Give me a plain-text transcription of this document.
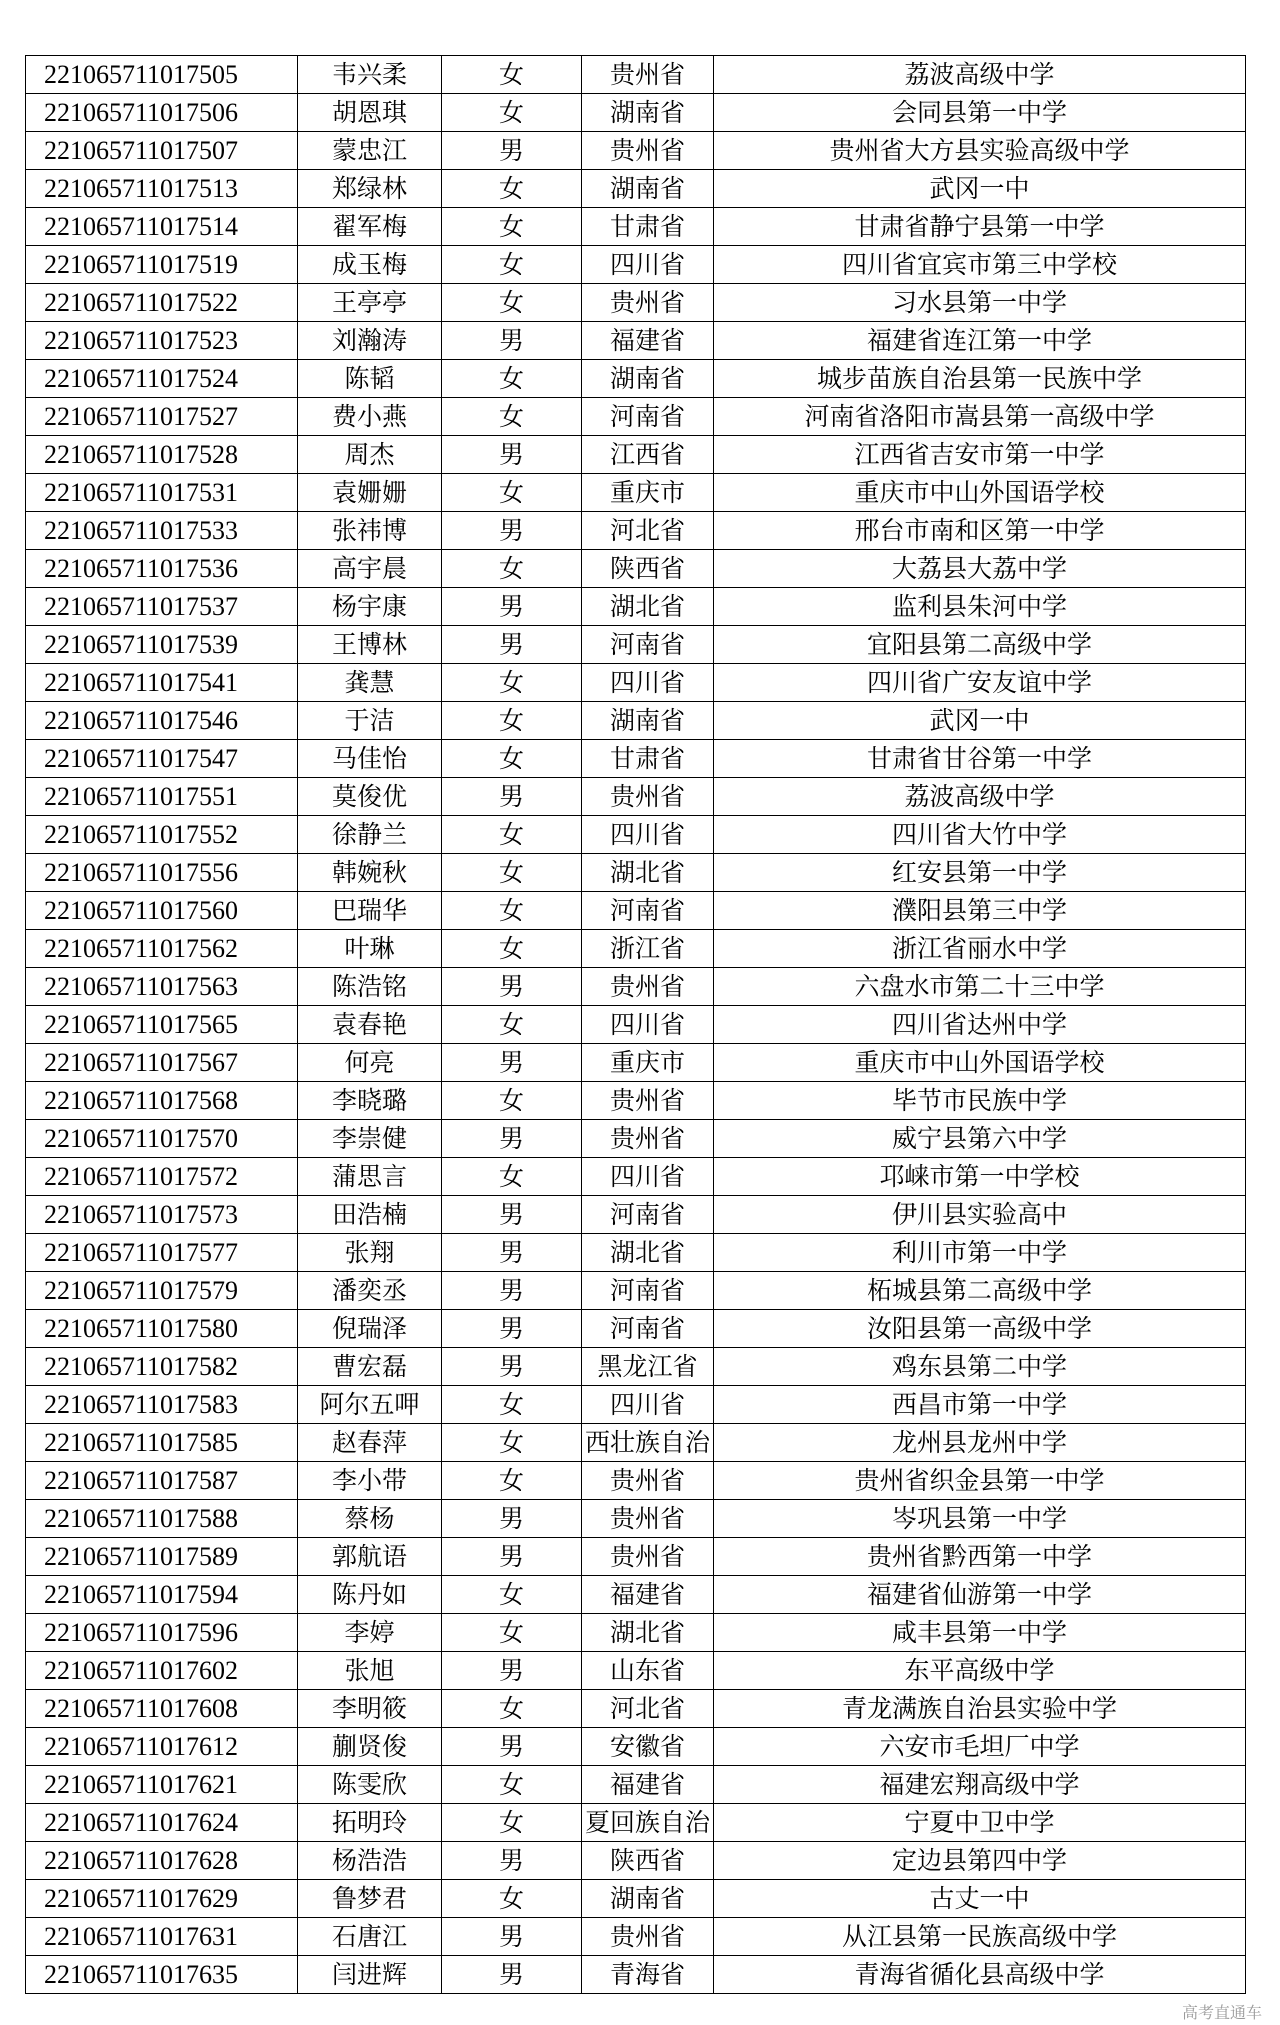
221065711017505	韦兴柔	女	贵州省	荔波高级中学
221065711017506	胡恩琪	女	湖南省	会同县第一中学
221065711017507	蒙忠江	男	贵州省	贵州省大方县实验高级中学
221065711017513	郑绿林	女	湖南省	武冈一中
221065711017514	翟军梅	女	甘肃省	甘肃省静宁县第一中学
221065711017519	成玉梅	女	四川省	四川省宜宾市第三中学校
221065711017522	王亭亭	女	贵州省	习水县第一中学
221065711017523	刘瀚涛	男	福建省	福建省连江第一中学
221065711017524	陈韬	女	湖南省	城步苗族自治县第一民族中学
221065711017527	费小燕	女	河南省	河南省洛阳市嵩县第一高级中学
221065711017528	周杰	男	江西省	江西省吉安市第一中学
221065711017531	袁姗姗	女	重庆市	重庆市中山外国语学校
221065711017533	张祎博	男	河北省	邢台市南和区第一中学
221065711017536	高宇晨	女	陕西省	大荔县大荔中学
221065711017537	杨宇康	男	湖北省	监利县朱河中学
221065711017539	王博林	男	河南省	宜阳县第二高级中学
221065711017541	龚慧	女	四川省	四川省广安友谊中学
221065711017546	于洁	女	湖南省	武冈一中
221065711017547	马佳怡	女	甘肃省	甘肃省甘谷第一中学
221065711017551	莫俊优	男	贵州省	荔波高级中学
221065711017552	徐静兰	女	四川省	四川省大竹中学
221065711017556	韩婉秋	女	湖北省	红安县第一中学
221065711017560	巴瑞华	女	河南省	濮阳县第三中学
221065711017562	叶琳	女	浙江省	浙江省丽水中学
221065711017563	陈浩铭	男	贵州省	六盘水市第二十三中学
221065711017565	袁春艳	女	四川省	四川省达州中学
221065711017567	何亮	男	重庆市	重庆市中山外国语学校
221065711017568	李晓璐	女	贵州省	毕节市民族中学
221065711017570	李崇健	男	贵州省	威宁县第六中学
221065711017572	蒲思言	女	四川省	邛崃市第一中学校
221065711017573	田浩楠	男	河南省	伊川县实验高中
221065711017577	张翔	男	湖北省	利川市第一中学
221065711017579	潘奕丞	男	河南省	柘城县第二高级中学
221065711017580	倪瑞泽	男	河南省	汝阳县第一高级中学
221065711017582	曹宏磊	男	黑龙江省	鸡东县第二中学
221065711017583	阿尔五呷	女	四川省	西昌市第一中学
221065711017585	赵春萍	女	西壮族自治	龙州县龙州中学
221065711017587	李小带	女	贵州省	贵州省织金县第一中学
221065711017588	蔡杨	男	贵州省	岑巩县第一中学
221065711017589	郭航语	男	贵州省	贵州省黔西第一中学
221065711017594	陈丹如	女	福建省	福建省仙游第一中学
221065711017596	李婷	女	湖北省	咸丰县第一中学
221065711017602	张旭	男	山东省	东平高级中学
221065711017608	李明筱	女	河北省	青龙满族自治县实验中学
221065711017612	蒯贤俊	男	安徽省	六安市毛坦厂中学
221065711017621	陈雯欣	女	福建省	福建宏翔高级中学
221065711017624	拓明玲	女	夏回族自治	宁夏中卫中学
221065711017628	杨浩浩	男	陕西省	定边县第四中学
221065711017629	鲁梦君	女	湖南省	古丈一中
221065711017631	石唐江	男	贵州省	从江县第一民族高级中学
221065711017635	闫进辉	男	青海省	青海省循化县高级中学
高考直通车
